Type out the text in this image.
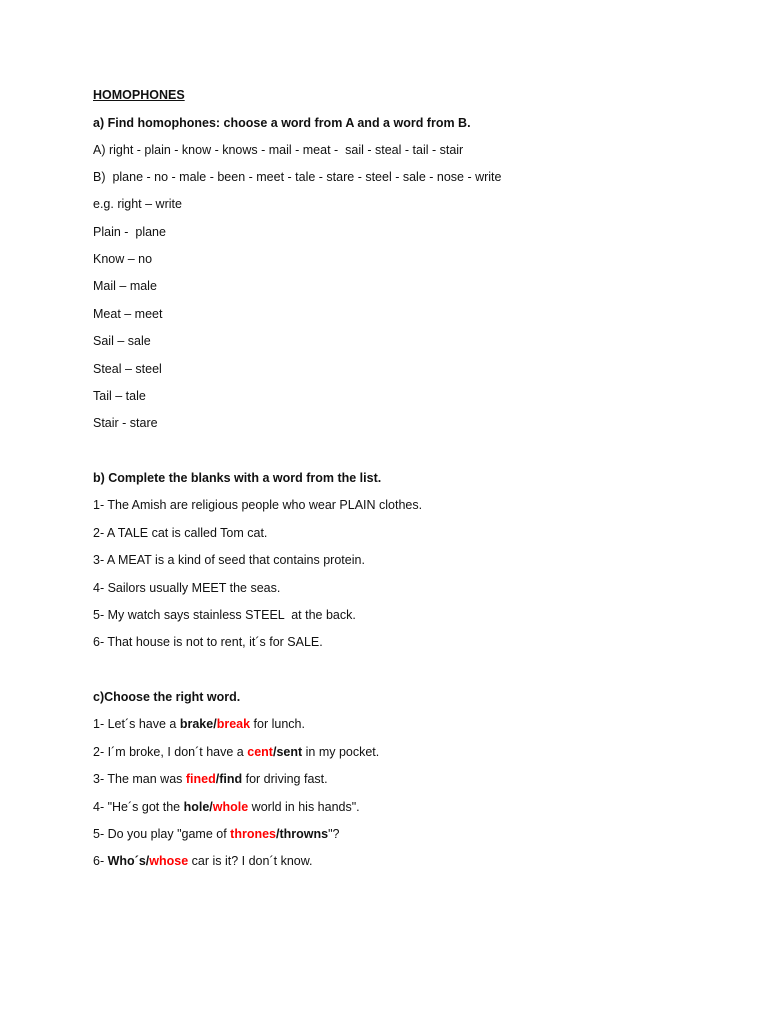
HOMOPHONES
a) Find homophones: choose a word from A and a word from B.
A) right - plain - know - knows - mail - meat -  sail - steal - tail - stair
B)  plane - no - male - been - meet - tale - stare - steel - sale - nose - write
e.g. right – write
Plain -  plane
Know – no
Mail – male
Meat – meet
Sail – sale
Steal – steel
Tail – tale
Stair - stare
b) Complete the blanks with a word from the list.
1- The Amish are religious people who wear PLAIN clothes.
2- A TALE cat is called Tom cat.
3- A MEAT is a kind of seed that contains protein.
4- Sailors usually MEET the seas.
5- My watch says stainless STEEL  at the back.
6- That house is not to rent, it´s for SALE.
c)Choose the right word.
1- Let´s have a brake/break for lunch.
2- I´m broke, I don´t have a cent/sent in my pocket.
3- The man was fined/find for driving fast.
4- "He´s got the hole/whole world in his hands".
5- Do you play "game of thrones/throwns"?
6- Who´s/whose car is it? I don´t know.
